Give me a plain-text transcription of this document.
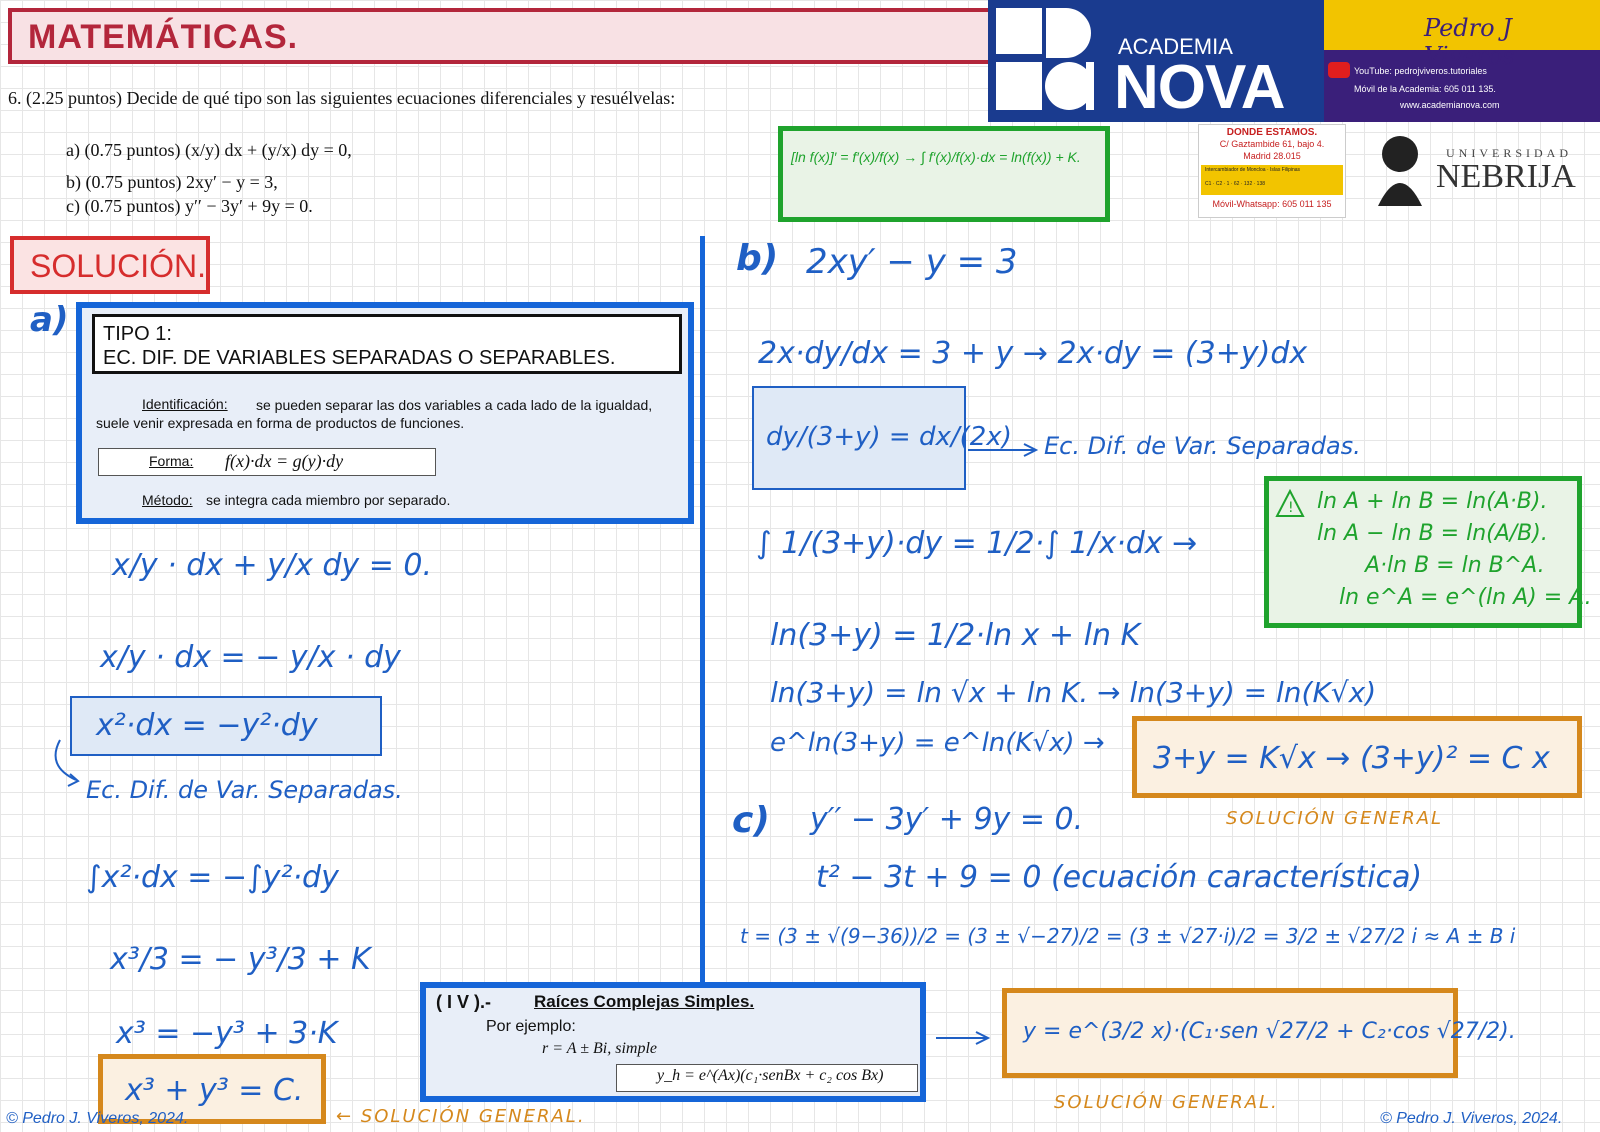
MATEMÁTICAS.	ACADEMIA
NOVA
Pedro J Viveros
YouTube: pedrojviveros.tutoriales
Móvil de la Academia: 605 011 135.
www.academianova.com
6. (2.25 puntos) Decide de qué tipo son las siguientes ecuaciones diferenciales y resuélvelas:
a) (0.75 puntos) (x/y) dx + (y/x) dy = 0,
b) (0.75 puntos) 2xy′ − y = 3,
c) (0.75 puntos) y′′ − 3y′ + 9y = 0.
[ln f(x)]′ = f′(x)/f(x) → ∫ f′(x)/f(x)·dx = ln(f(x)) + K.
DONDE ESTAMOS.
C/ Gaztambide 61, bajo 4.
Madrid 28.015
Intercambiador de Moncloa · Islas Filipinas
C1 · C2 · 1 · 62 · 132 · 138
Móvil-Whatsapp: 605 011 135
UNIVERSIDAD
NEBRIJA
SOLUCIÓN.
a) TIPO 1:
EC. DIF. DE VARIABLES SEPARADAS O SEPARABLES.
Identificación:	se pueden separar las dos variables a cada lado de la igualdad, suele venir expresada en forma de productos de funciones.
Forma: f(x)·dx = g(y)·dy
Método: se integra cada miembro por separado.
x/y · dx + y/x dy = 0.
x/y · dx = − y/x · dy
x²·dx = −y²·dy
Ec. Dif. de Var. Separadas.
∫x²·dx = −∫y²·dy
x³/3 = − y³/3 + K
x³ = −y³ + 3·K
x³ + y³ = C.
← SOLUCIÓN GENERAL.
b) 2xy′ − y = 3
2x·dy/dx = 3 + y → 2x·dy = (3+y)dx
dy/(3+y) = dx/(2x) Ec. Dif. de Var. Separadas.
∫ 1/(3+y)·dy = 1/2·∫ 1/x·dx →
! ln A + ln B = ln(A·B).
ln A − ln B = ln(A/B).
A·ln B = ln B^A.
ln e^A = e^(ln A) = A.
ln(3+y) = 1/2·ln x + ln K
ln(3+y) = ln √x + ln K. → ln(3+y) = ln(K√x)
e^ln(3+y) = e^ln(K√x) → 3+y = K√x → (3+y)² = C x
SOLUCIÓN GENERAL
c) y′′ − 3y′ + 9y = 0.
t² − 3t + 9 = 0 (ecuación característica)
t = (3 ± √(9−36))/2 = (3 ± √−27)/2 = (3 ± √27·i)/2 = 3/2 ± √27/2 i ≈ A ± B i
( I V ).-	Raíces Complejas Simples.
Por ejemplo:
r = A ± Bi, simple
y_h = e^(Ax)(c₁·senBx + c₂ cos Bx)
y = e^(3/2 x)·(C₁·sen √27/2 + C₂·cos √27/2).
SOLUCIÓN GENERAL.
© Pedro J. Viveros, 2024.	© Pedro J. Viveros, 2024.
